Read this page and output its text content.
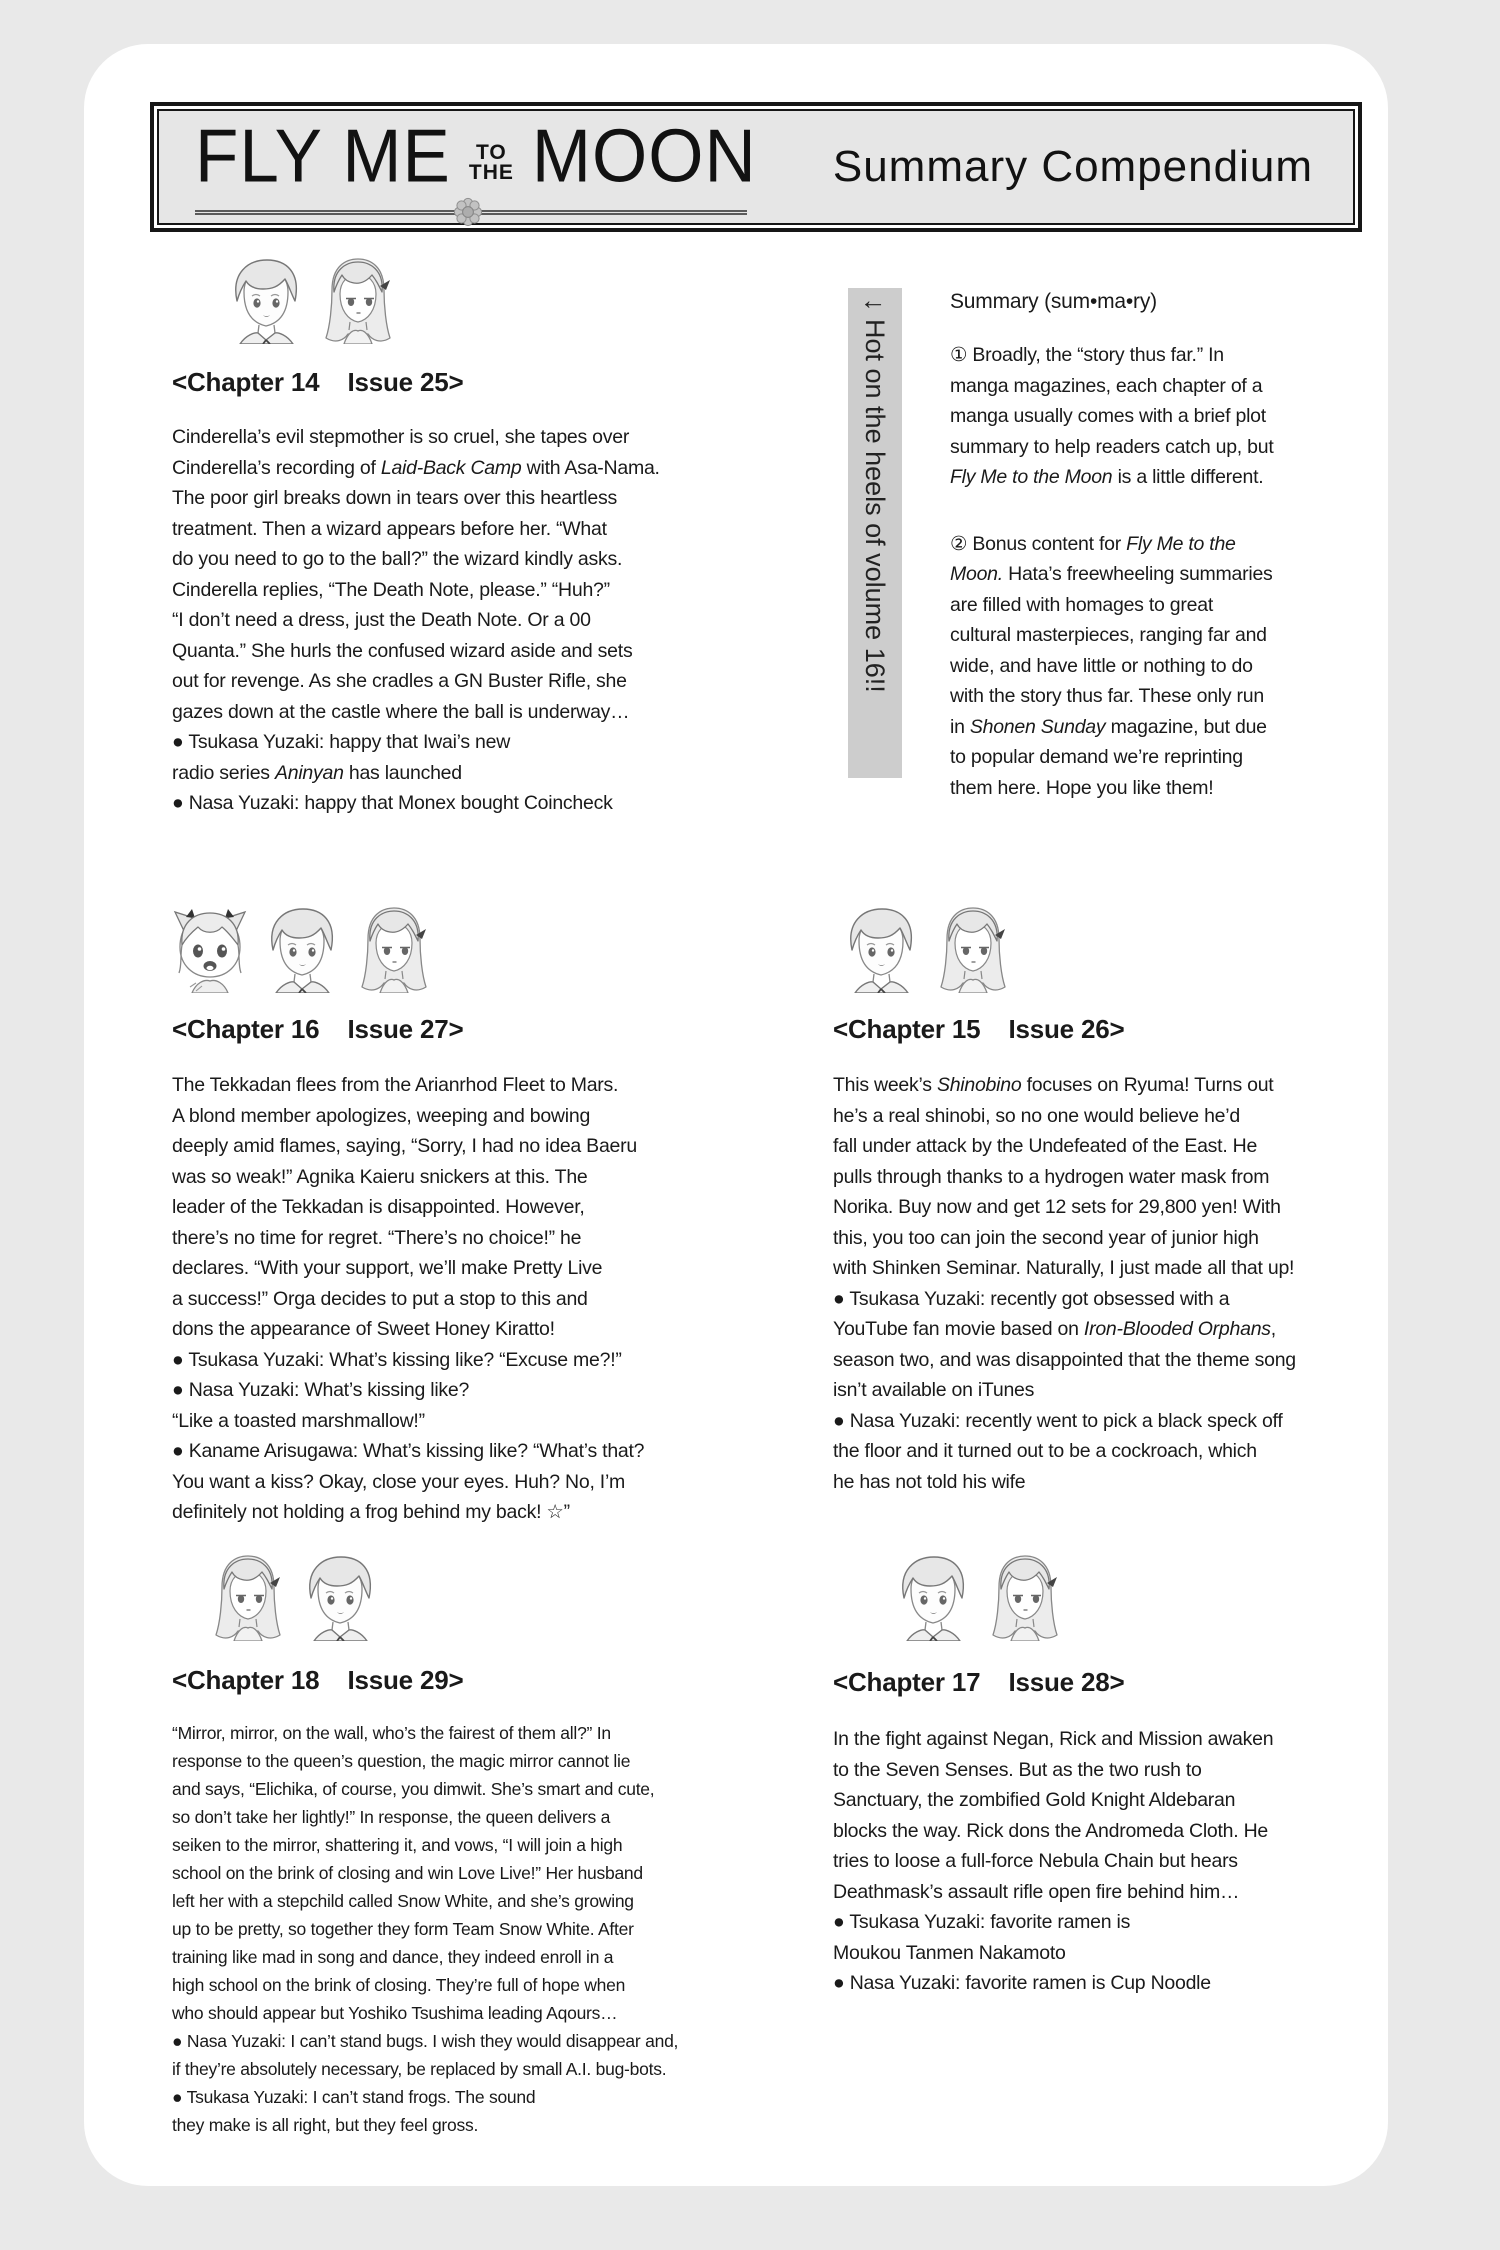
FLY ME	TO
THE MOON Summary Compendium
↓ Hot on the heels of volume 16!!	Summary (sum•ma•ry)
① Broadly, the “story thus far.” In
manga magazines, each chapter of a
manga usually comes with a brief plot
summary to help readers catch up, but
Fly Me to the Moon is a little different.
② Bonus content for Fly Me to the
Moon. Hata’s freewheeling summaries
are filled with homages to great
cultural masterpieces, ranging far and
wide, and have little or nothing to do
with the story thus far. These only run
in Shonen Sunday magazine, but due
to popular demand we’re reprinting
them here. Hope you like them!
<Chapter 14    Issue 25>
Cinderella’s evil stepmother is so cruel, she tapes over
Cinderella’s recording of Laid-Back Camp with Asa-Nama.
The poor girl breaks down in tears over this heartless
treatment. Then a wizard appears before her. “What
do you need to go to the ball?” the wizard kindly asks.
Cinderella replies, “The Death Note, please.” “Huh?”
“I don’t need a dress, just the Death Note. Or a 00
Quanta.” She hurls the confused wizard aside and sets
out for revenge. As she cradles a GN Buster Rifle, she
gazes down at the castle where the ball is underway…
● Tsukasa Yuzaki: happy that Iwai’s new
radio series Aninyan has launched
● Nasa Yuzaki: happy that Monex bought Coincheck
<Chapter 16    Issue 27>
The Tekkadan flees from the Arianrhod Fleet to Mars.
A blond member apologizes, weeping and bowing
deeply amid flames, saying, “Sorry, I had no idea Baeru
was so weak!” Agnika Kaieru snickers at this. The
leader of the Tekkadan is disappointed. However,
there’s no time for regret. “There’s no choice!” he
declares. “With your support, we’ll make Pretty Live
a success!” Orga decides to put a stop to this and
dons the appearance of Sweet Honey Kiratto!
● Tsukasa Yuzaki: What’s kissing like? “Excuse me?!”
● Nasa Yuzaki: What’s kissing like?
“Like a toasted marshmallow!”
● Kaname Arisugawa: What’s kissing like? “What’s that?
You want a kiss? Okay, close your eyes. Huh? No, I’m
definitely not holding a frog behind my back! ☆”
<Chapter 18    Issue 29>
“Mirror, mirror, on the wall, who’s the fairest of them all?” In
response to the queen’s question, the magic mirror cannot lie
and says, “Elichika, of course, you dimwit. She’s smart and cute,
so don’t take her lightly!” In response, the queen delivers a
seiken to the mirror, shattering it, and vows, “I will join a high
school on the brink of closing and win Love Live!” Her husband
left her with a stepchild called Snow White, and she’s growing
up to be pretty, so together they form Team Snow White. After
training like mad in song and dance, they indeed enroll in a
high school on the brink of closing. They’re full of hope when
who should appear but Yoshiko Tsushima leading Aqours…
● Nasa Yuzaki: I can’t stand bugs. I wish they would disappear and,
if they’re absolutely necessary, be replaced by small A.I. bug-bots.
● Tsukasa Yuzaki: I can’t stand frogs. The sound
they make is all right, but they feel gross.
<Chapter 15    Issue 26>
This week’s Shinobino focuses on Ryuma! Turns out
he’s a real shinobi, so no one would believe he’d
fall under attack by the Undefeated of the East. He
pulls through thanks to a hydrogen water mask from
Norika. Buy now and get 12 sets for 29,800 yen! With
this, you too can join the second year of junior high
with Shinken Seminar. Naturally, I just made all that up!
● Tsukasa Yuzaki: recently got obsessed with a
YouTube fan movie based on Iron-Blooded Orphans,
season two, and was disappointed that the theme song
isn’t available on iTunes
● Nasa Yuzaki: recently went to pick a black speck off
the floor and it turned out to be a cockroach, which
he has not told his wife
<Chapter 17    Issue 28>
In the fight against Negan, Rick and Mission awaken
to the Seven Senses. But as the two rush to
Sanctuary, the zombified Gold Knight Aldebaran
blocks the way. Rick dons the Andromeda Cloth. He
tries to loose a full-force Nebula Chain but hears
Deathmask’s assault rifle open fire behind him…
● Tsukasa Yuzaki: favorite ramen is
Moukou Tanmen Nakamoto
● Nasa Yuzaki: favorite ramen is Cup Noodle
